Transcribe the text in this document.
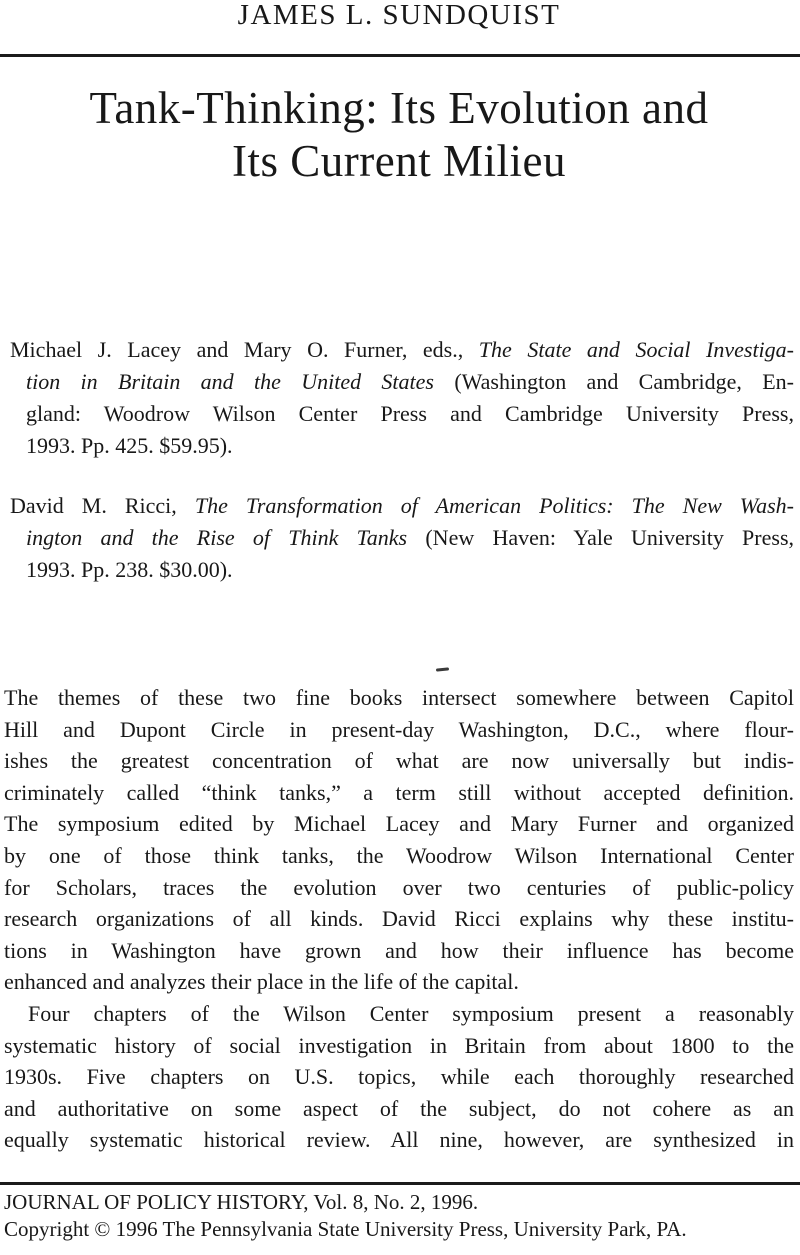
JAMES L. SUNDQUIST
Tank-Thinking: Its Evolution and
Its Current Milieu
Michael J. Lacey and Mary O. Furner, eds., The State and Social Investiga-
tion in Britain and the United States (Washington and Cambridge, En-
gland: Woodrow Wilson Center Press and Cambridge University Press,
1993. Pp. 425. $59.95).
David M. Ricci, The Transformation of American Politics: The New Wash-
ington and the Rise of Think Tanks (New Haven: Yale University Press,
1993. Pp. 238. $30.00).
The themes of these two fine books intersect somewhere between Capitol
Hill and Dupont Circle in present-day Washington, D.C., where flour-
ishes the greatest concentration of what are now universally but indis-
criminately called “think tanks,” a term still without accepted definition.
The symposium edited by Michael Lacey and Mary Furner and organized
by one of those think tanks, the Woodrow Wilson International Center
for Scholars, traces the evolution over two centuries of public-policy
research organizations of all kinds. David Ricci explains why these institu-
tions in Washington have grown and how their influence has become
enhanced and analyzes their place in the life of the capital.
Four chapters of the Wilson Center symposium present a reasonably
systematic history of social investigation in Britain from about 1800 to the
1930s. Five chapters on U.S. topics, while each thoroughly researched
and authoritative on some aspect of the subject, do not cohere as an
equally systematic historical review. All nine, however, are synthesized in
JOURNAL OF POLICY HISTORY, Vol. 8, No. 2, 1996.
Copyright © 1996 The Pennsylvania State University Press, University Park, PA.
